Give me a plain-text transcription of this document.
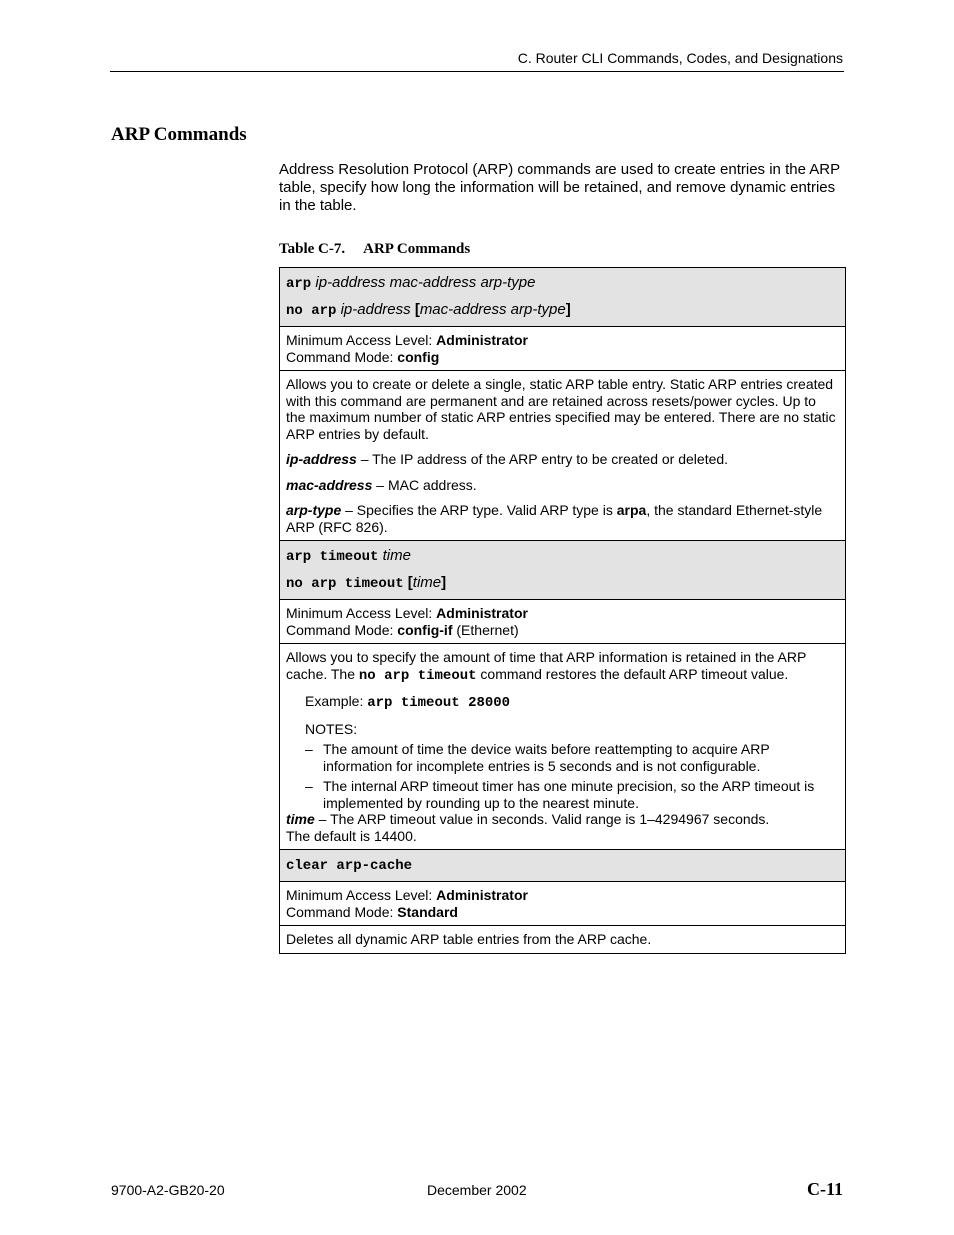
C. Router CLI Commands, Codes, and Designations
ARP Commands
Address Resolution Protocol (ARP) commands are used to create entries in the ARP table, specify how long the information will be retained, and remove dynamic entries in the table.
Table C-7. ARP Commands

arp ip-address mac-address arp-type

no arp ip-address [mac-address arp-type]

Minimum Access Level: Administrator
Command Mode: config

Allows you to create or delete a single, static ARP table entry. Static ARP entries created with this command are permanent and are retained across resets/power cycles. Up to the maximum number of static ARP entries specified may be entered. There are no static ARP entries by default.

ip-address – The IP address of the ARP entry to be created or deleted.

mac-address – MAC address.

arp-type – Specifies the ARP type. Valid ARP type is arpa, the standard Ethernet-style ARP (RFC 826).

arp timeout time

no arp timeout [time]

Minimum Access Level: Administrator
Command Mode: config-if (Ethernet)

Allows you to specify the amount of time that ARP information is retained in the ARP cache. The no arp timeout command restores the default ARP timeout value.

Example: arp timeout 28000

NOTES:

– The amount of time the device waits before reattempting to acquire ARP information for incomplete entries is 5 seconds and is not configurable.
– The internal ARP timeout timer has one minute precision, so the ARP timeout is implemented by rounding up to the nearest minute.

time – The ARP timeout value in seconds. Valid range is 1–4294967 seconds.
The default is 14400.

clear arp-cache

Minimum Access Level: Administrator
Command Mode: Standard

Deletes all dynamic ARP table entries from the ARP cache.

9700-A2-GB20-20	December 2002	C-11
